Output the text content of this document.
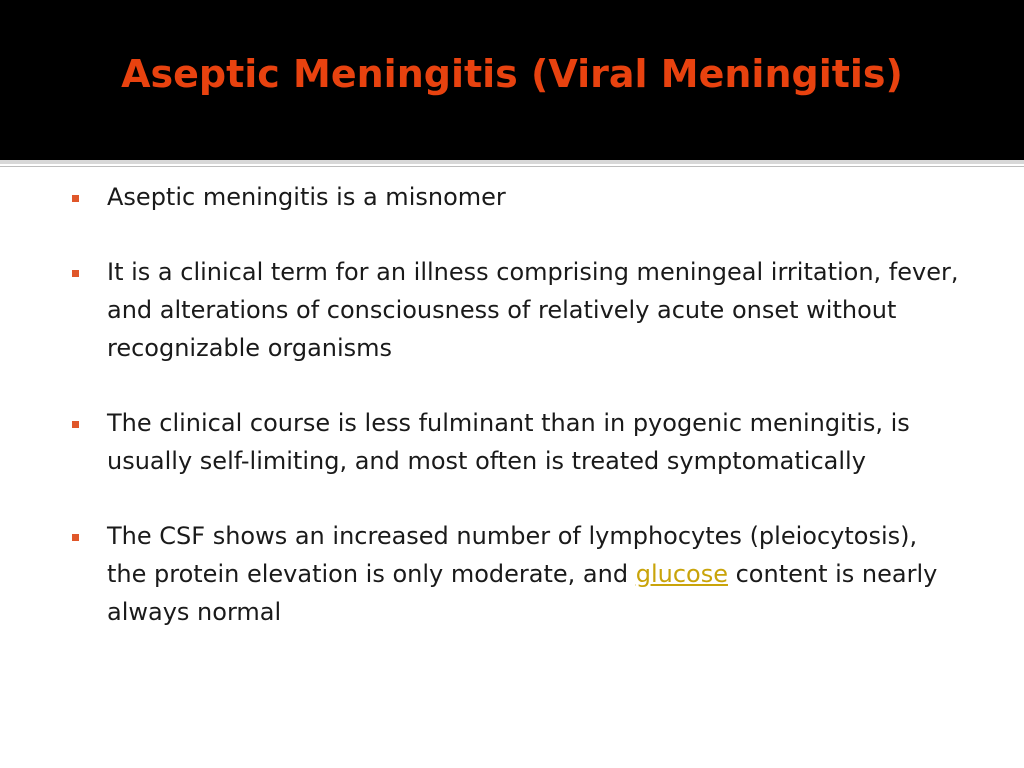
Aseptic Meningitis (Viral Meningitis)
Aseptic meningitis is a misnomer
It is a clinical term for an illness comprising meningeal irritation, fever, and alterations of consciousness of relatively acute onset without recognizable organisms
The clinical course is less fulminant than in pyogenic meningitis, is usually self-limiting, and most often is treated symptomatically
The CSF shows an increased number of lymphocytes (pleiocytosis), the protein elevation is only moderate, and glucose content is nearly always normal
